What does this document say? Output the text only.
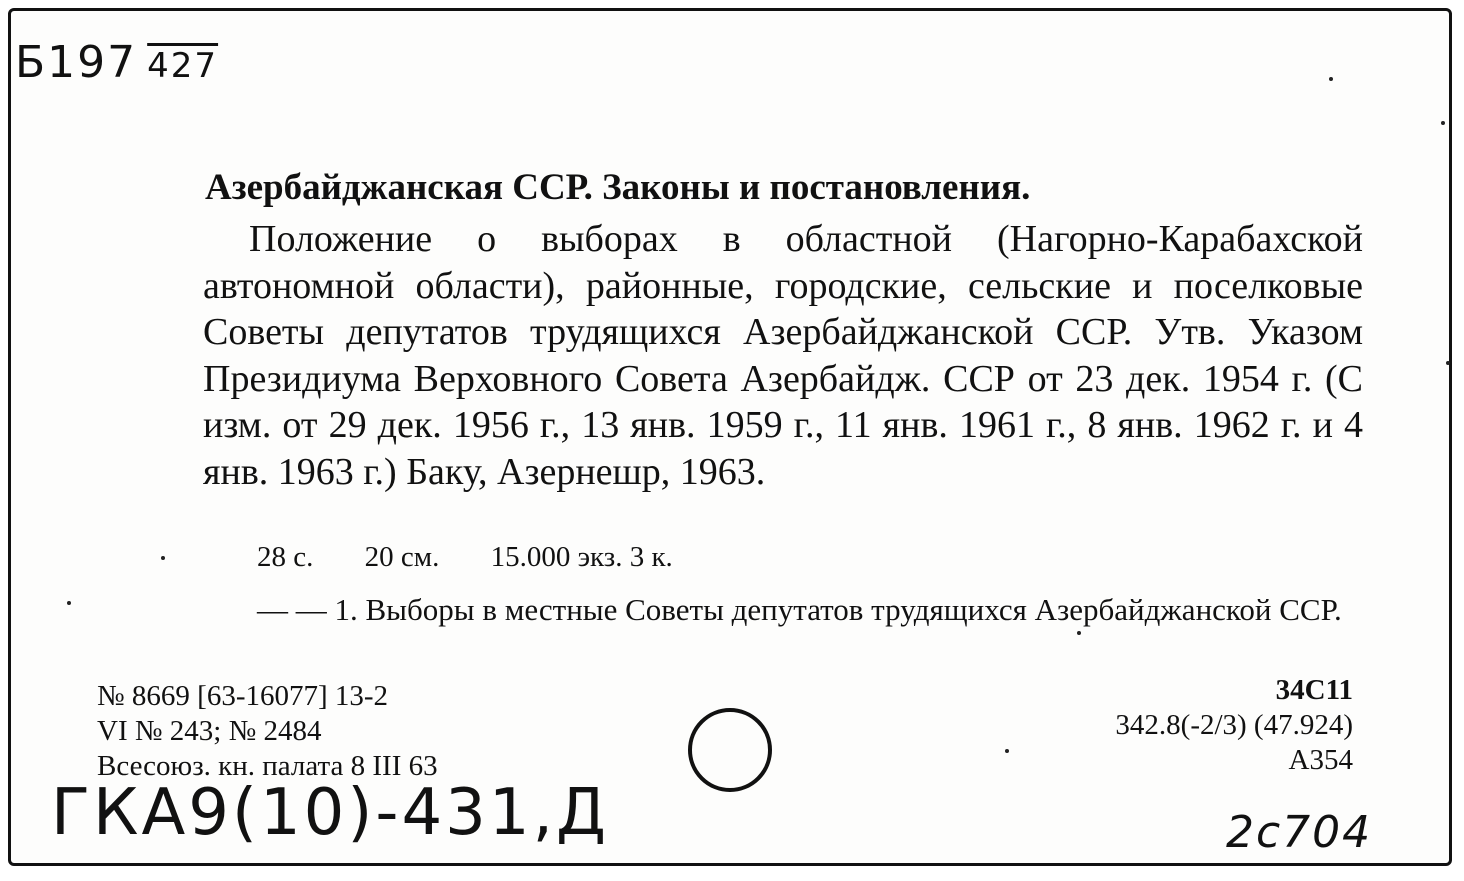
Б197 427
Азербайджанская ССР. Законы и постановления.
Положение о выборах в областной (Нагорно-Карабахской автономной области), районные, городские, сельские и поселковые Советы депутатов трудящихся Азербайджанской ССР. Утв. Указом Президиума Верховного Совета Азербайдж. ССР от 23 дек. 1954 г. (С изм. от 29 дек. 1956 г., 13 янв. 1959 г., 11 янв. 1961 г., 8 янв. 1962 г. и 4 янв. 1963 г.) Баку, Азернешр, 1963.
28 с. 20 см. 15.000 экз. 3 к.
— — 1. Выборы в местные Советы депутатов трудящихся Азербайджанской ССР.
№ 8669 [63-16077] 13-2
VI № 243; № 2484
Всесоюз. кн. палата 8 III 63
34С11
342.8(-2/3) (47.924)
А354
ГКА9(10)-431,Д	2с704
